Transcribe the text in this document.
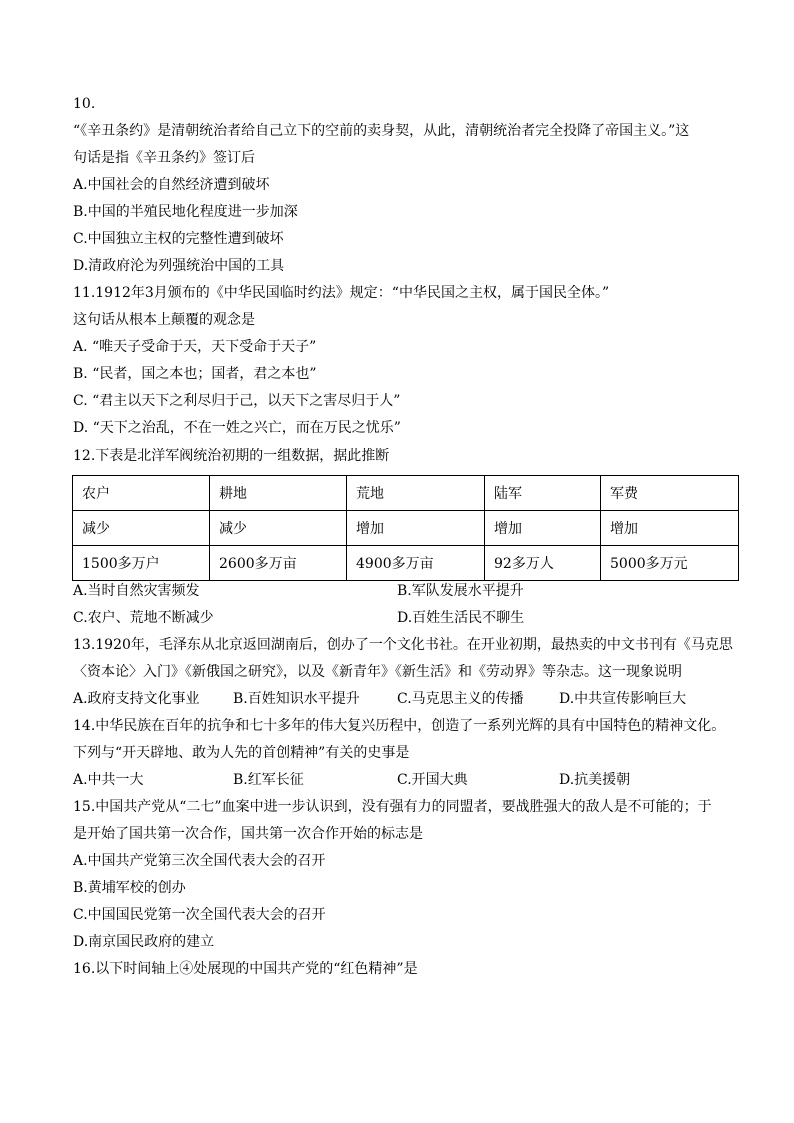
10.
“《辛丑条约》是清朝统治者给自己立下的空前的卖身契，从此，清朝统治者完全投降了帝国主义。”这
句话是指《辛丑条约》签订后
A.中国社会的自然经济遭到破坏
B.中国的半殖民地化程度进一步加深
C.中国独立主权的完整性遭到破坏
D.清政府沦为列强统治中国的工具
11.1912年3月颁布的《中华民国临时约法》规定：“中华民国之主权，属于国民全体。”
这句话从根本上颠覆的观念是
A. “唯天子受命于天，天下受命于天子”
B. “民者，国之本也；国者，君之本也”
C. “君主以天下之利尽归于己，以天下之害尽归于人”
D. “天下之治乱，不在一姓之兴亡，而在万民之忧乐”
12.下表是北洋军阀统治初期的一组数据，据此推断
农户	耕地	荒地	陆军	军费
减少	减少	增加	增加	增加
1500多万户	2600多万亩	4900多万亩	92多万人	5000多万元
A.当时自然灾害频发	B.军队发展水平提升
C.农户、荒地不断减少	D.百姓生活民不聊生
13.1920年，毛泽东从北京返回湖南后，创办了一个文化书社。在开业初期，最热卖的中文书刊有《马克思
〈资本论〉入门》《新俄国之研究》，以及《新青年》《新生活》和《劳动界》等杂志。这一现象说明
A.政府支持文化事业 B.百姓知识水平提升	C.马克思主义的传播	D.中共宣传影响巨大
14.中华民族在百年的抗争和七十多年的伟大复兴历程中，创造了一系列光辉的具有中国特色的精神文化。
下列与“开天辟地、敢为人先的首创精神”有关的史事是
A.中共一大	B.红军长征	C.开国大典	D.抗美援朝
15.中国共产党从“二七”血案中进一步认识到，没有强有力的同盟者，要战胜强大的敌人是不可能的；于
是开始了国共第一次合作，国共第一次合作开始的标志是
A.中国共产党第三次全国代表大会的召开
B.黄埔军校的创办
C.中国国民党第一次全国代表大会的召开
D.南京国民政府的建立
16.以下时间轴上④处展现的中国共产党的“红色精神”是
